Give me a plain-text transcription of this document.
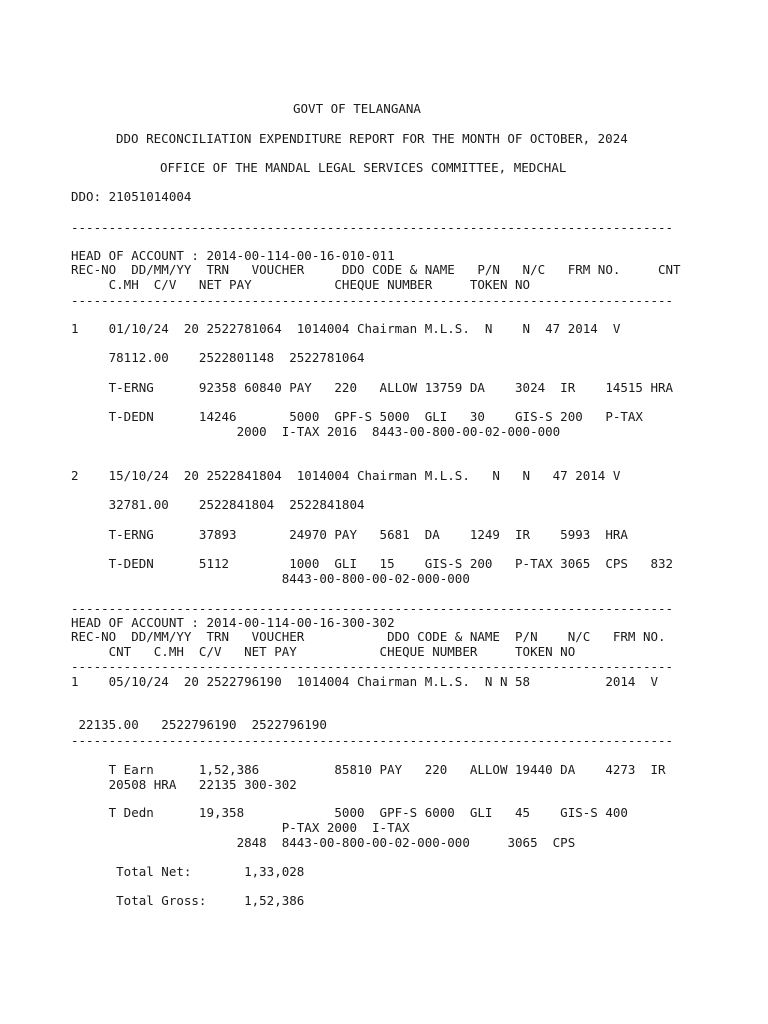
GOVT OF TELANGANA
DDO RECONCILIATION EXPENDITURE REPORT FOR THE MONTH OF OCTOBER, 2024
OFFICE OF THE MANDAL LEGAL SERVICES COMMITTEE, MEDCHAL
DDO: 21051014004
--------------------------------------------------------------------------------
HEAD OF ACCOUNT : 2014-00-114-00-16-010-011
REC-NO  DD/MM/YY  TRN   VOUCHER     DDO CODE & NAME   P/N   N/C   FRM NO.     CNT
C.MH  C/V   NET PAY           CHEQUE NUMBER     TOKEN NO
--------------------------------------------------------------------------------
1    01/10/24  20 2522781064  1014004 Chairman M.L.S.  N    N  47 2014  V
78112.00    2522801148  2522781064
T-ERNG      92358 60840 PAY   220   ALLOW 13759 DA    3024  IR    14515 HRA
T-DEDN      14246       5000  GPF-S 5000  GLI   30    GIS-S 200   P-TAX
2000  I-TAX 2016  8443-00-800-00-02-000-000
2    15/10/24  20 2522841804  1014004 Chairman M.L.S.   N   N   47 2014 V
32781.00    2522841804  2522841804
T-ERNG      37893       24970 PAY   5681  DA    1249  IR    5993  HRA
T-DEDN      5112        1000  GLI   15    GIS-S 200   P-TAX 3065  CPS   832
8443-00-800-00-02-000-000
--------------------------------------------------------------------------------
HEAD OF ACCOUNT : 2014-00-114-00-16-300-302
REC-NO  DD/MM/YY  TRN   VOUCHER           DDO CODE & NAME  P/N    N/C   FRM NO.
CNT   C.MH  C/V   NET PAY           CHEQUE NUMBER     TOKEN NO
--------------------------------------------------------------------------------
1    05/10/24  20 2522796190  1014004 Chairman M.L.S.  N N 58          2014  V
22135.00   2522796190  2522796190
--------------------------------------------------------------------------------
T Earn      1,52,386          85810 PAY   220   ALLOW 19440 DA    4273  IR
20508 HRA   22135 300-302
T Dedn      19,358            5000  GPF-S 6000  GLI   45    GIS-S 400
P-TAX 2000  I-TAX
2848  8443-00-800-00-02-000-000     3065  CPS
Total Net:       1,33,028
Total Gross:     1,52,386
